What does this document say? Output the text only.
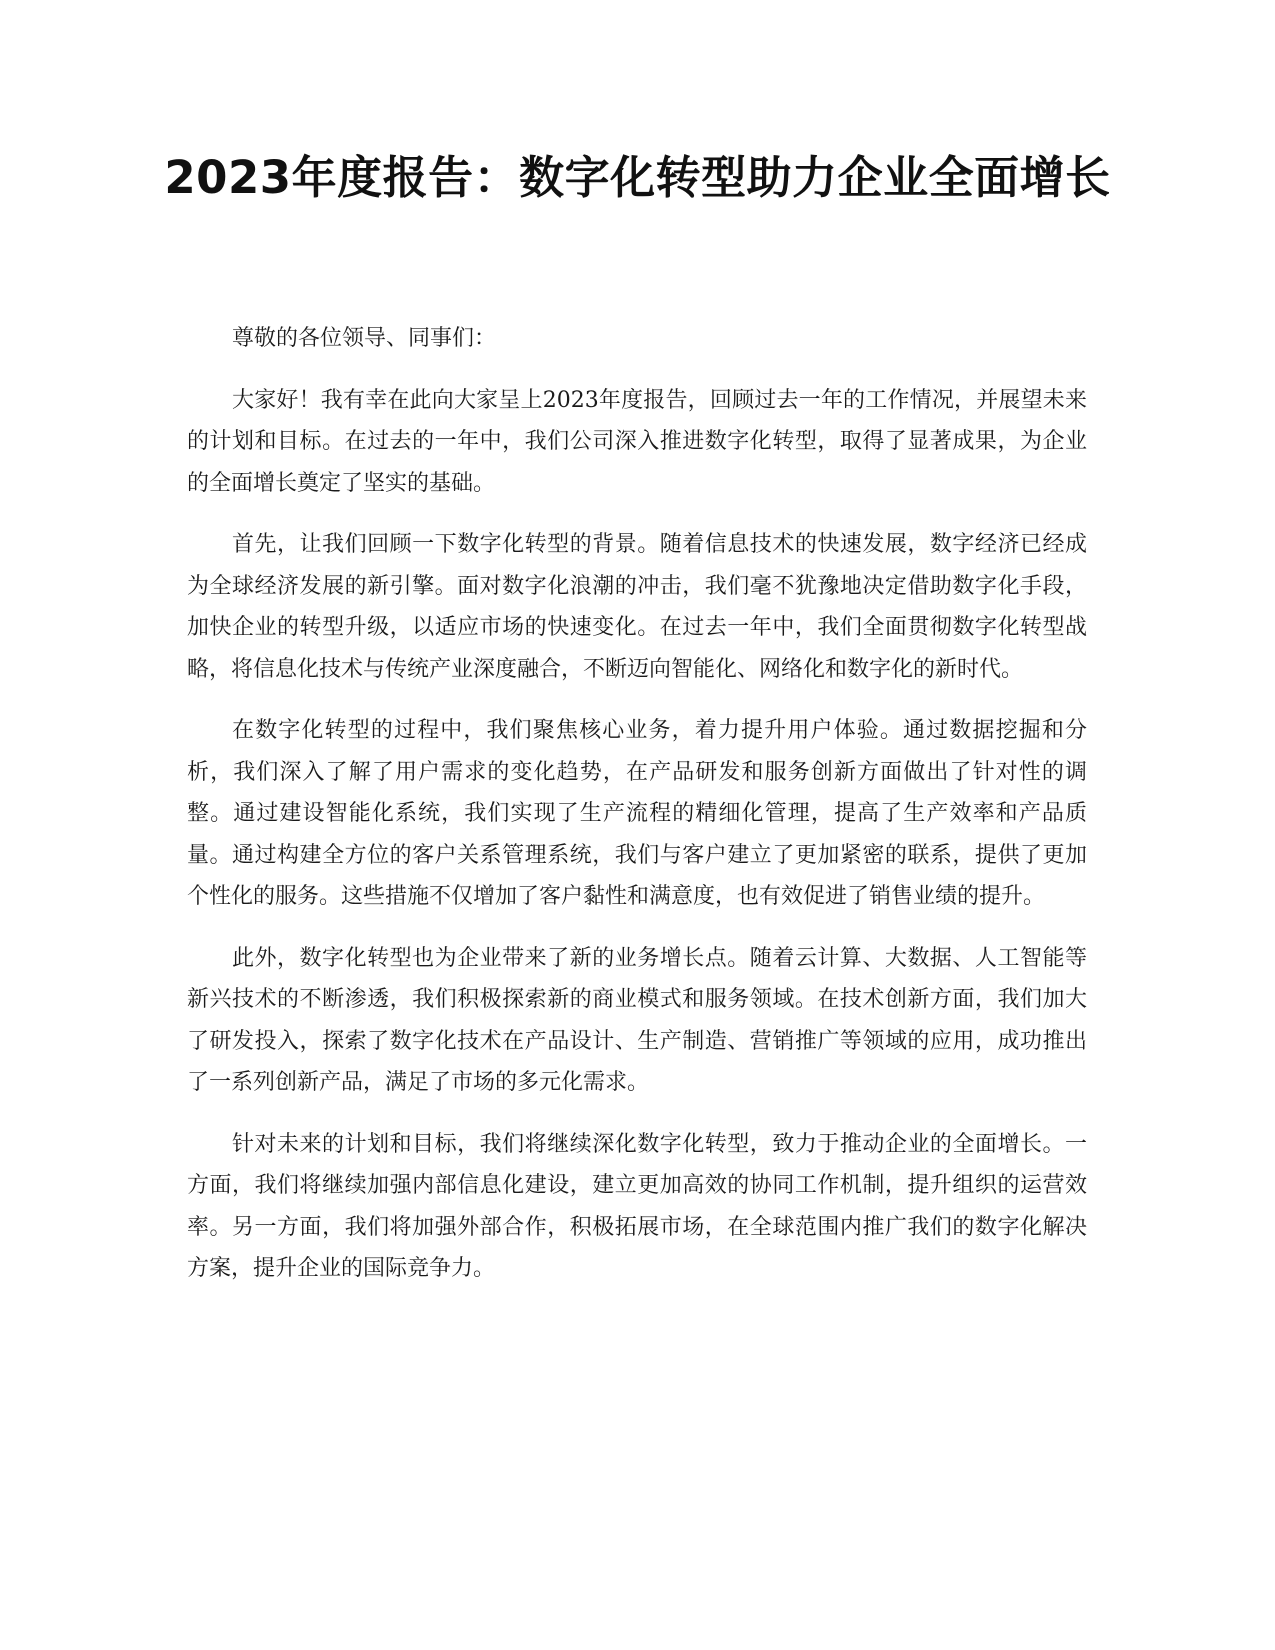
2023年度报告：数字化转型助力企业全面增长

尊敬的各位领导、同事们：

大家好！我有幸在此向大家呈上2023年度报告，回顾过去一年的工作情况，并展望未来的计划和目标。在过去的一年中，我们公司深入推进数字化转型，取得了显著成果，为企业的全面增长奠定了坚实的基础。

首先，让我们回顾一下数字化转型的背景。随着信息技术的快速发展，数字经济已经成为全球经济发展的新引擎。面对数字化浪潮的冲击，我们毫不犹豫地决定借助数字化手段，加快企业的转型升级，以适应市场的快速变化。在过去一年中，我们全面贯彻数字化转型战略，将信息化技术与传统产业深度融合，不断迈向智能化、网络化和数字化的新时代。

在数字化转型的过程中，我们聚焦核心业务，着力提升用户体验。通过数据挖掘和分析，我们深入了解了用户需求的变化趋势，在产品研发和服务创新方面做出了针对性的调整。通过建设智能化系统，我们实现了生产流程的精细化管理，提高了生产效率和产品质量。通过构建全方位的客户关系管理系统，我们与客户建立了更加紧密的联系，提供了更加个性化的服务。这些措施不仅增加了客户黏性和满意度，也有效促进了销售业绩的提升。

此外，数字化转型也为企业带来了新的业务增长点。随着云计算、大数据、人工智能等新兴技术的不断渗透，我们积极探索新的商业模式和服务领域。在技术创新方面，我们加大了研发投入，探索了数字化技术在产品设计、生产制造、营销推广等领域的应用，成功推出了一系列创新产品，满足了市场的多元化需求。

针对未来的计划和目标，我们将继续深化数字化转型，致力于推动企业的全面增长。一方面，我们将继续加强内部信息化建设，建立更加高效的协同工作机制，提升组织的运营效率。另一方面，我们将加强外部合作，积极拓展市场，在全球范围内推广我们的数字化解决方案，提升企业的国际竞争力。
